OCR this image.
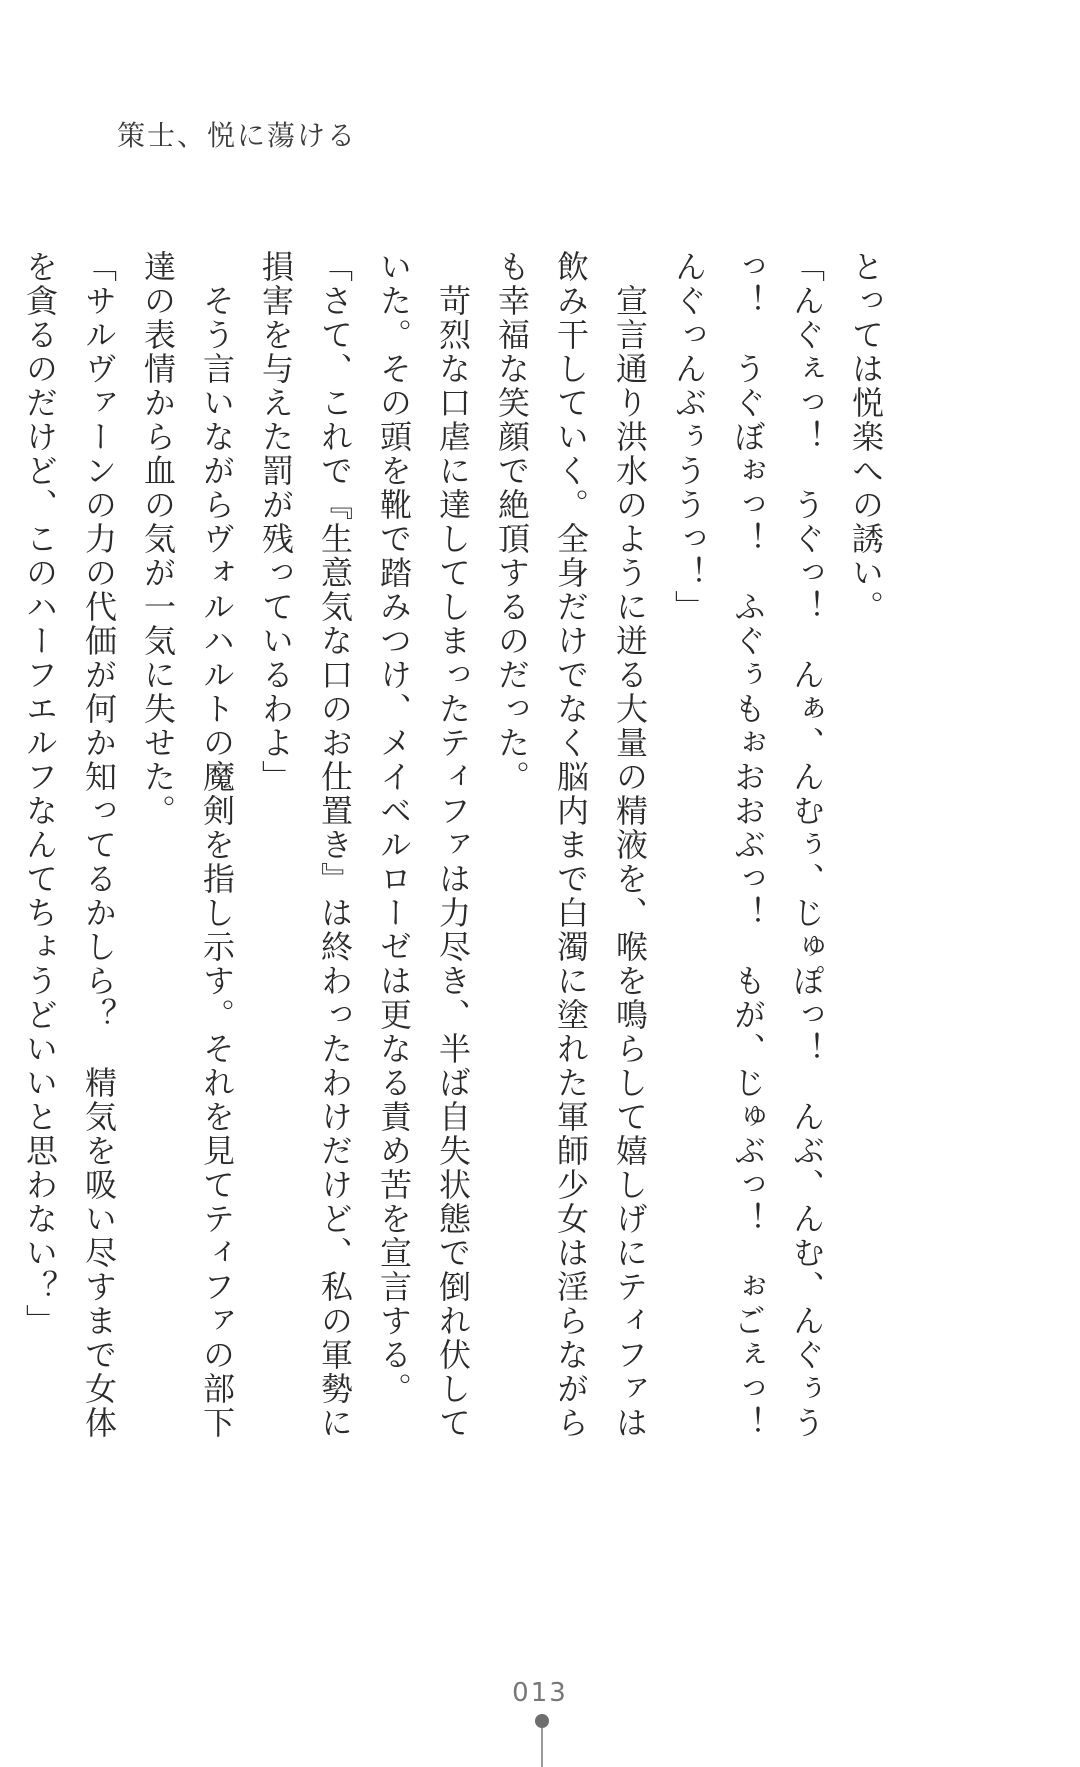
策士、悦に蕩ける

とっては悦楽への誘い。

「んぐぇっ！　うぐっ！　んぁ、んむぅ、じゅぽっ！　んぶ、んむ、んぐぅうっ！　うぐぼぉっ！　ふぐぅもぉおおぶっ！　もが、じゅぶっ！　ぉごぇっ！　んぐっんぶぅううっ！」

　宣言通り洪水のように迸る大量の精液を、喉を鳴らして嬉しげにティファは飲み干していく。全身だけでなく脳内まで白濁に塗れた軍師少女は淫らながらも幸福な笑顔で絶頂するのだった。

　苛烈な口虐に達してしまったティファは力尽き、半ば自失状態で倒れ伏していた。その頭を靴で踏みつけ、メイベルローゼは更なる責め苦を宣言する。

「さて、これで『生意気な口のお仕置き』は終わったわけだけど、私の軍勢に損害を与えた罰が残っているわよ」

　そう言いながらヴォルハルトの魔剣を指し示す。それを見てティファの部下達の表情から血の気が一気に失せた。

「サルヴァーンの力の代価が何か知ってるかしら？　精気を吸い尽すまで女体を貪るのだけど、このハーフエルフなんてちょうどいいと思わない？」

013
